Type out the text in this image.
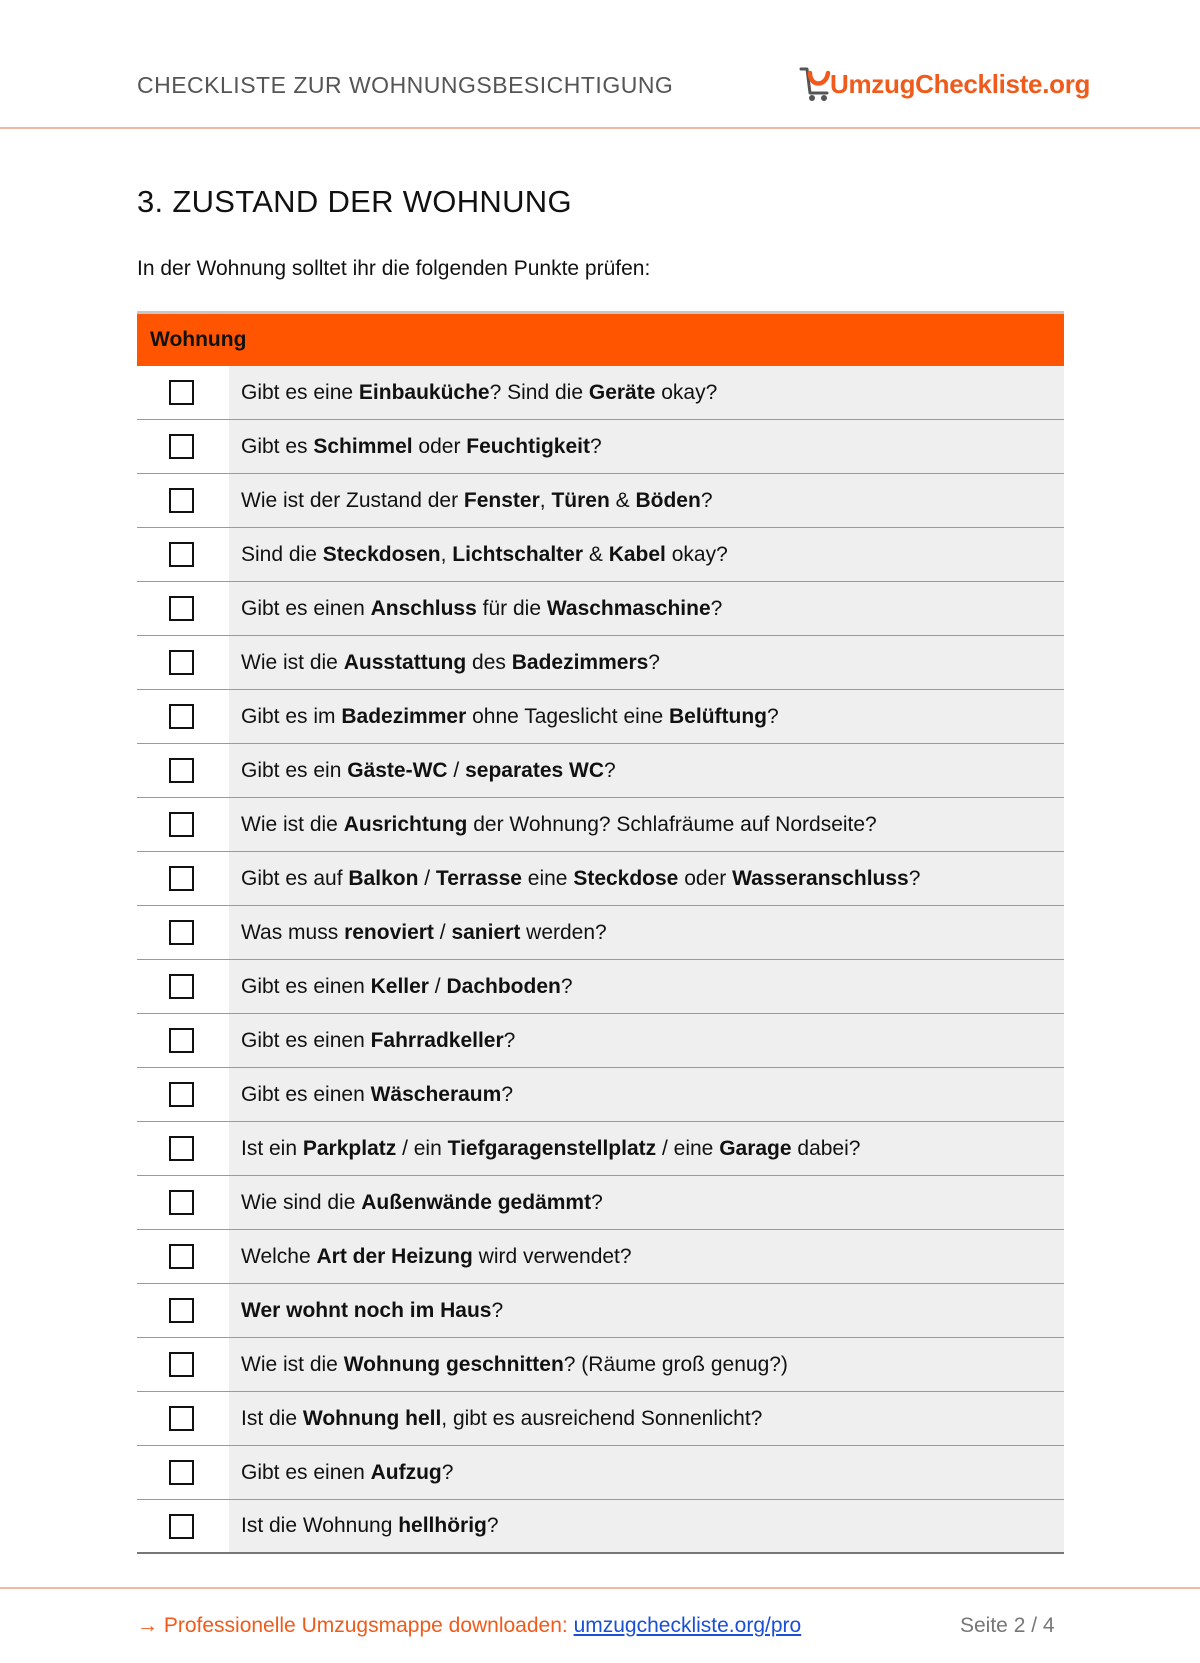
CHECKLISTE ZUR WOHNUNGSBESICHTIGUNG	UmzugCheckliste.org
3. ZUSTAND DER WOHNUNG
In der Wohnung solltet ihr die folgenden Punkte prüfen:
Wohnung
Gibt es eine Einbauküche ? Sind die Geräte okay?
Gibt es Schimmel oder Feuchtigkeit ?
Wie ist der Zustand der Fenster , Türen & Böden ?
Sind die Steckdosen , Lichtschalter & Kabel okay?
Gibt es einen Anschluss für die Waschmaschine ?
Wie ist die Ausstattung des Badezimmers ?
Gibt es im Badezimmer ohne Tageslicht eine Belüftung ?
Gibt es ein Gäste-WC / separates WC ?
Wie ist die Ausrichtung der Wohnung? Schlafräume auf Nordseite?
Gibt es auf Balkon / Terrasse eine Steckdose oder Wasseranschluss ?
Was muss renoviert / saniert werden?
Gibt es einen Keller / Dachboden ?
Gibt es einen Fahrradkeller ?
Gibt es einen Wäscheraum ?
Ist ein Parkplatz / ein Tiefgaragenstellplatz / eine Garage dabei?
Wie sind die Außenwände gedämmt ?
Welche Art der Heizung wird verwendet?
Wer wohnt noch im Haus ?
Wie ist die Wohnung geschnitten ? (Räume groß genug?)
Ist die Wohnung hell , gibt es ausreichend Sonnenlicht?
Gibt es einen Aufzug ?
Ist die Wohnung hellhörig ?
→ Professionelle Umzugsmappe downloaden: umzugcheckliste.org/pro	Seite 2 / 4
